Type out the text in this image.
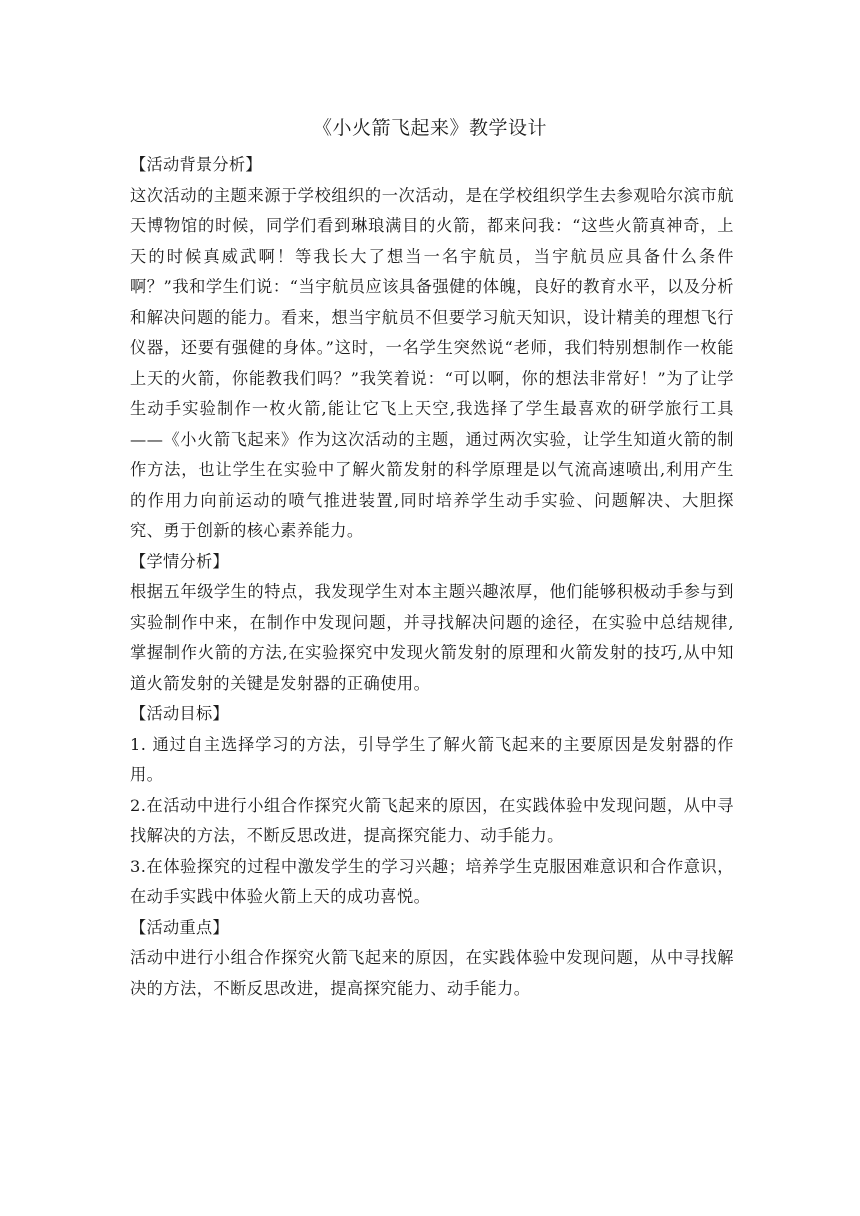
《小火箭飞起来》教学设计

【活动背景分析】

这次活动的主题来源于学校组织的一次活动，是在学校组织学生去参观哈尔滨市航天博物馆的时候，同学们看到琳琅满目的火箭，都来问我：“这些火箭真神奇，上天的时候真威武啊！等我长大了想当一名宇航员，当宇航员应具备什么条件啊？”我和学生们说：“当宇航员应该具备强健的体魄，良好的教育水平，以及分析和解决问题的能力。看来，想当宇航员不但要学习航天知识，设计精美的理想飞行仪器，还要有强健的身体。”这时，一名学生突然说“老师，我们特别想制作一枚能上天的火箭，你能教我们吗？”我笑着说：“可以啊，你的想法非常好！”为了让学生动手实验制作一枚火箭,能让它飞上天空,我选择了学生最喜欢的研学旅行工具——《小火箭飞起来》作为这次活动的主题，通过两次实验，让学生知道火箭的制作方法，也让学生在实验中了解火箭发射的科学原理是以气流高速喷出,利用产生的作用力向前运动的喷气推进装置,同时培养学生动手实验、问题解决、大胆探究、勇于创新的核心素养能力。

【学情分析】

根据五年级学生的特点，我发现学生对本主题兴趣浓厚，他们能够积极动手参与到实验制作中来，在制作中发现问题，并寻找解决问题的途径，在实验中总结规律,掌握制作火箭的方法,在实验探究中发现火箭发射的原理和火箭发射的技巧,从中知道火箭发射的关键是发射器的正确使用。

【活动目标】

1. 通过自主选择学习的方法，引导学生了解火箭飞起来的主要原因是发射器的作用。

2.在活动中进行小组合作探究火箭飞起来的原因，在实践体验中发现问题，从中寻找解决的方法，不断反思改进，提高探究能力、动手能力。

3.在体验探究的过程中激发学生的学习兴趣；培养学生克服困难意识和合作意识，在动手实践中体验火箭上天的成功喜悦。

【活动重点】

活动中进行小组合作探究火箭飞起来的原因，在实践体验中发现问题，从中寻找解决的方法，不断反思改进，提高探究能力、动手能力。
